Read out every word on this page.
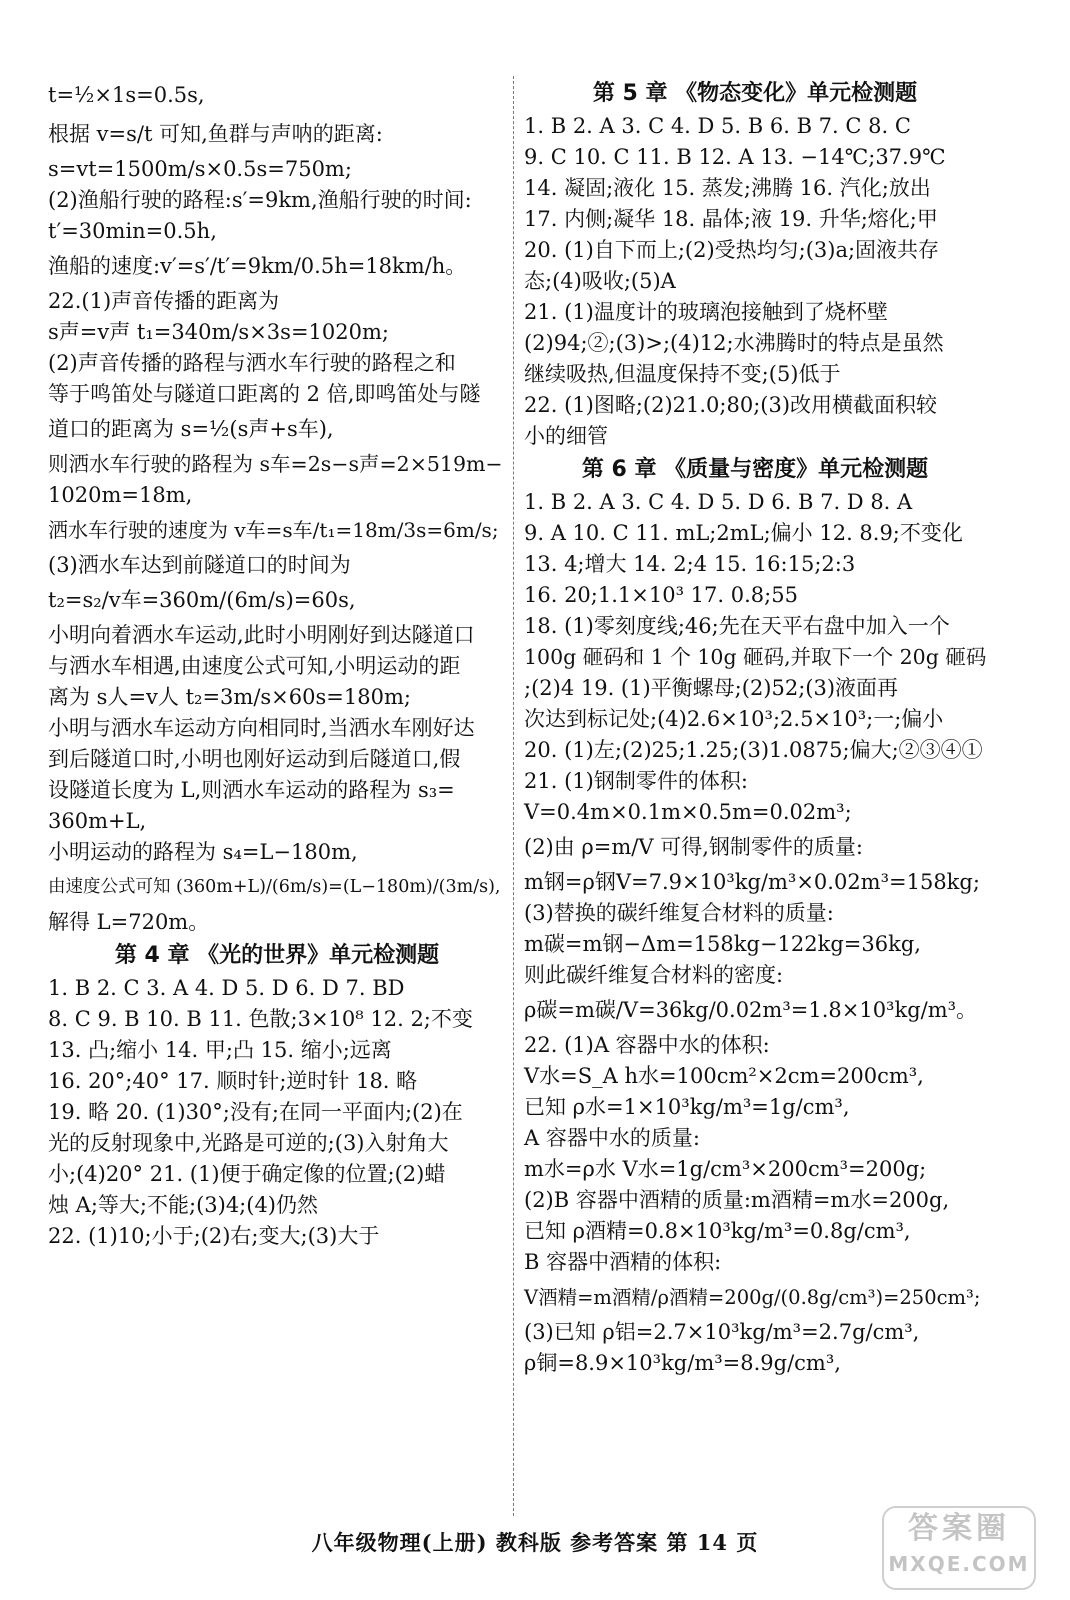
t=½×1s=0.5s,
根据 v=s/t 可知,鱼群与声呐的距离:
s=vt=1500m/s×0.5s=750m;
(2)渔船行驶的路程:s′=9km,渔船行驶的时间:
t′=30min=0.5h,
渔船的速度:v′=s′/t′=9km/0.5h=18km/h。
22.(1)声音传播的距离为
s声=v声 t₁=340m/s×3s=1020m;
(2)声音传播的路程与洒水车行驶的路程之和
等于鸣笛处与隧道口距离的 2 倍,即鸣笛处与隧
道口的距离为 s=½(s声+s车),
则洒水车行驶的路程为 s车=2s−s声=2×519m−
1020m=18m,
洒水车行驶的速度为 v车=s车/t₁=18m/3s=6m/s;
(3)洒水车达到前隧道口的时间为
t₂=s₂/v车=360m/(6m/s)=60s,
小明向着洒水车运动,此时小明刚好到达隧道口
与洒水车相遇,由速度公式可知,小明运动的距
离为 s人=v人 t₂=3m/s×60s=180m;
小明与洒水车运动方向相同时,当洒水车刚好达
到后隧道口时,小明也刚好运动到后隧道口,假
设隧道长度为 L,则洒水车运动的路程为 s₃=
360m+L,
小明运动的路程为 s₄=L−180m,
由速度公式可知 (360m+L)/(6m/s)=(L−180m)/(3m/s),
解得 L=720m。
第 4 章 《光的世界》单元检测题
1. B 2. C 3. A 4. D 5. D 6. D 7. BD
8. C 9. B 10. B 11. 色散;3×10⁸ 12. 2;不变
13. 凸;缩小 14. 甲;凸 15. 缩小;远离
16. 20°;40° 17. 顺时针;逆时针 18. 略
19. 略 20. (1)30°;没有;在同一平面内;(2)在
光的反射现象中,光路是可逆的;(3)入射角大
小;(4)20° 21. (1)便于确定像的位置;(2)蜡
烛 A;等大;不能;(3)4;(4)仍然
22. (1)10;小于;(2)右;变大;(3)大于
第 5 章 《物态变化》单元检测题
1. B 2. A 3. C 4. D 5. B 6. B 7. C 8. C
9. C 10. C 11. B 12. A 13. −14℃;37.9℃
14. 凝固;液化 15. 蒸发;沸腾 16. 汽化;放出
17. 内侧;凝华 18. 晶体;液 19. 升华;熔化;甲
20. (1)自下而上;(2)受热均匀;(3)a;固液共存
态;(4)吸收;(5)A
21. (1)温度计的玻璃泡接触到了烧杯壁
(2)94;②;(3)>;(4)12;水沸腾时的特点是虽然
继续吸热,但温度保持不变;(5)低于
22. (1)图略;(2)21.0;80;(3)改用横截面积较
小的细管
第 6 章 《质量与密度》单元检测题
1. B 2. A 3. C 4. D 5. D 6. B 7. D 8. A
9. A 10. C 11. mL;2mL;偏小 12. 8.9;不变化
13. 4;增大 14. 2;4 15. 16:15;2:3
16. 20;1.1×10³ 17. 0.8;55
18. (1)零刻度线;46;先在天平右盘中加入一个
100g 砸码和 1 个 10g 砸码,并取下一个 20g 砸码
;(2)4 19. (1)平衡螺母;(2)52;(3)液面再
次达到标记处;(4)2.6×10³;2.5×10³;一;偏小
20. (1)左;(2)25;1.25;(3)1.0875;偏大;②③④①
21. (1)钢制零件的体积:
V=0.4m×0.1m×0.5m=0.02m³;
(2)由 ρ=m/V 可得,钢制零件的质量:
m钢=ρ钢V=7.9×10³kg/m³×0.02m³=158kg;
(3)替换的碳纤维复合材料的质量:
m碳=m钢−Δm=158kg−122kg=36kg,
则此碳纤维复合材料的密度:
ρ碳=m碳/V=36kg/0.02m³=1.8×10³kg/m³。
22. (1)A 容器中水的体积:
V水=S_A h水=100cm²×2cm=200cm³,
已知 ρ水=1×10³kg/m³=1g/cm³,
A 容器中水的质量:
m水=ρ水 V水=1g/cm³×200cm³=200g;
(2)B 容器中酒精的质量:m酒精=m水=200g,
已知 ρ酒精=0.8×10³kg/m³=0.8g/cm³,
B 容器中酒精的体积:
V酒精=m酒精/ρ酒精=200g/(0.8g/cm³)=250cm³;
(3)已知 ρ铝=2.7×10³kg/m³=2.7g/cm³,
ρ铜=8.9×10³kg/m³=8.9g/cm³,
八年级物理(上册) 教科版 参考答案 第 14 页	答案圈
MXQE.COM
